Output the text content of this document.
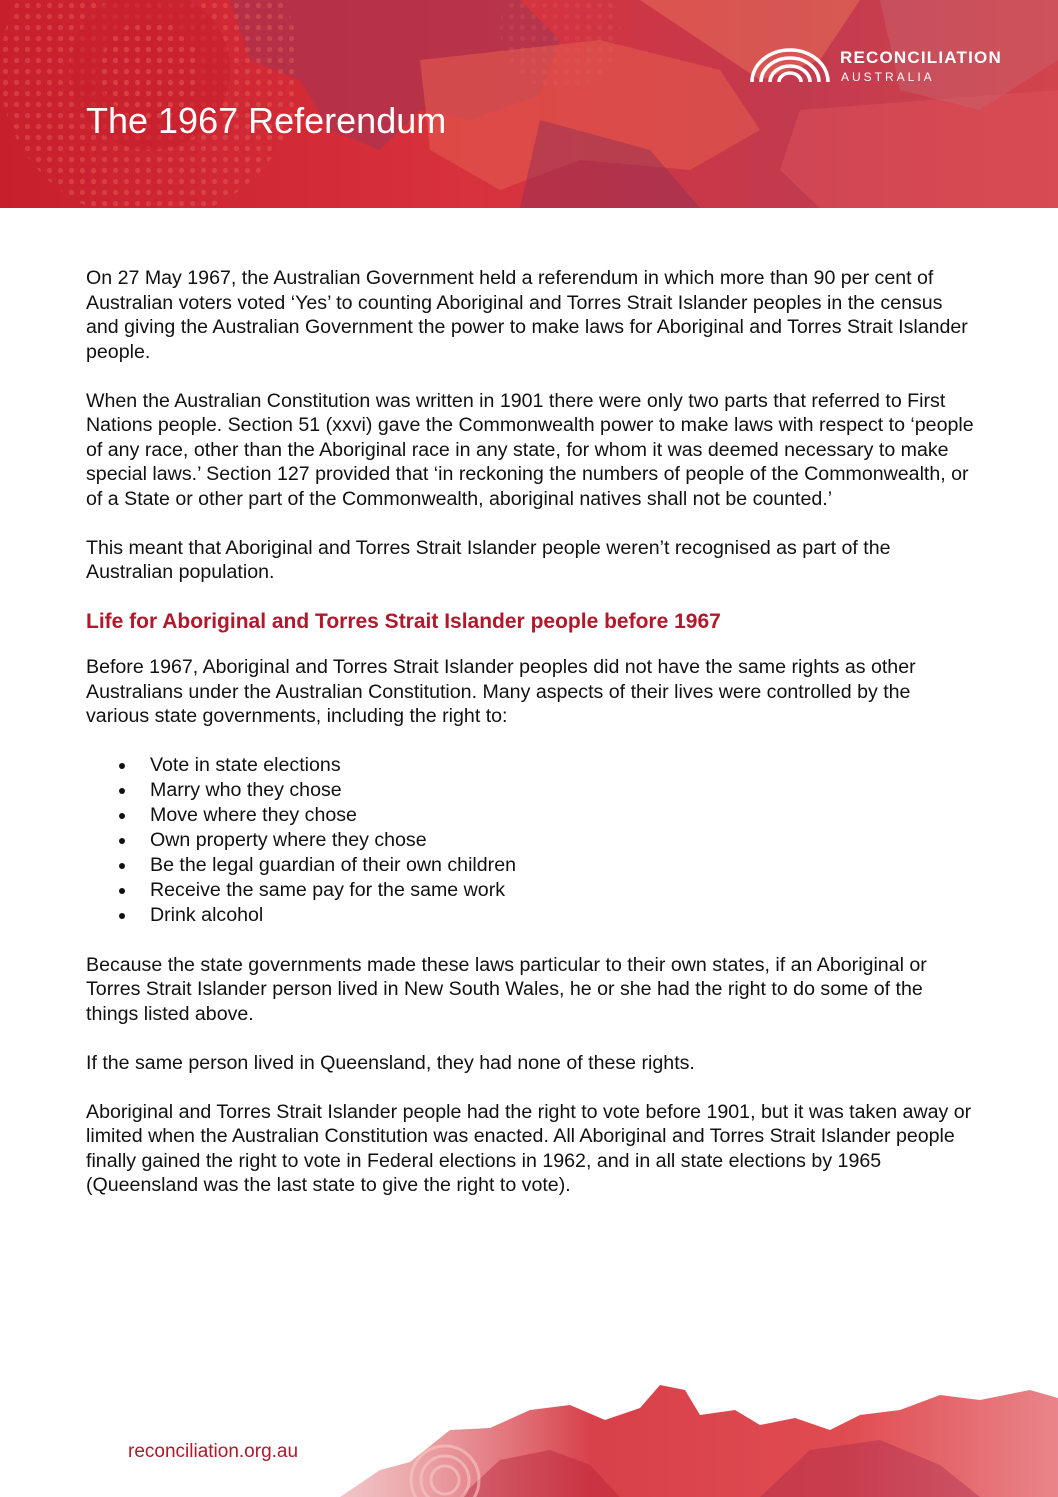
The 1967 Referendum
RECONCILIATION
AUSTRALIA

On 27 May 1967, the Australian Government held a referendum in which more than 90 per cent of Australian voters voted ‘Yes’ to counting Aboriginal and Torres Strait Islander peoples in the census and giving the Australian Government the power to make laws for Aboriginal and Torres Strait Islander people.

When the Australian Constitution was written in 1901 there were only two parts that referred to First Nations people. Section 51 (xxvi) gave the Commonwealth power to make laws with respect to ‘people of any race, other than the Aboriginal race in any state, for whom it was deemed necessary to make special laws.’ Section 127 provided that ‘in reckoning the numbers of people of the Commonwealth, or of a State or other part of the Commonwealth, aboriginal natives shall not be counted.’

This meant that Aboriginal and Torres Strait Islander people weren’t recognised as part of the Australian population.

Life for Aboriginal and Torres Strait Islander people before 1967

Before 1967, Aboriginal and Torres Strait Islander peoples did not have the same rights as other Australians under the Australian Constitution. Many aspects of their lives were controlled by the various state governments, including the right to:

Vote in state elections
Marry who they chose
Move where they chose
Own property where they chose
Be the legal guardian of their own children
Receive the same pay for the same work
Drink alcohol

Because the state governments made these laws particular to their own states, if an Aboriginal or Torres Strait Islander person lived in New South Wales, he or she had the right to do some of the things listed above.

If the same person lived in Queensland, they had none of these rights.

Aboriginal and Torres Strait Islander people had the right to vote before 1901, but it was taken away or limited when the Australian Constitution was enacted. All Aboriginal and Torres Strait Islander people finally gained the right to vote in Federal elections in 1962, and in all state elections by 1965 (Queensland was the last state to give the right to vote).

reconciliation.org.au
